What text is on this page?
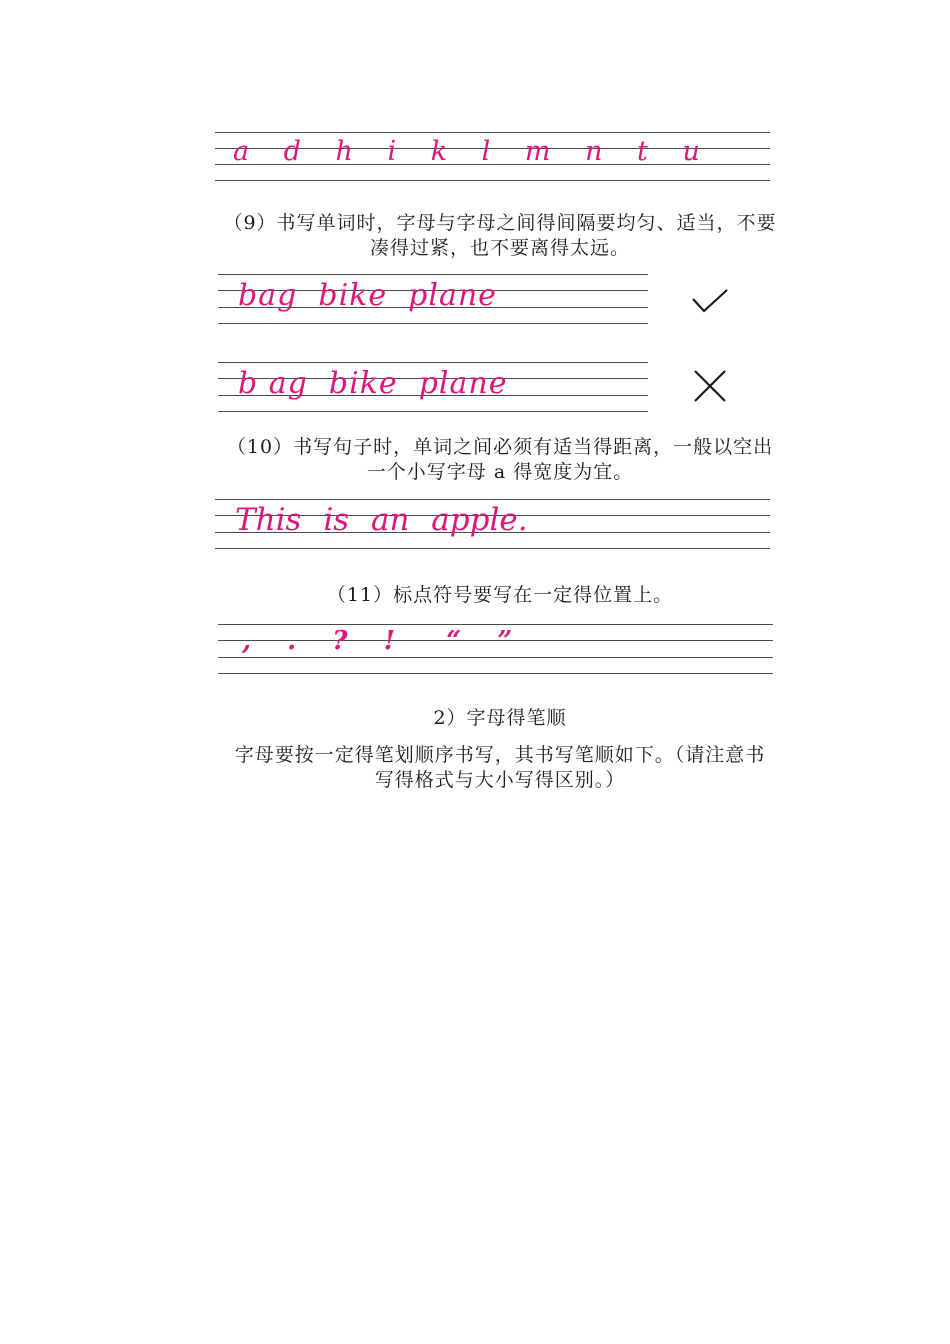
a d h i k l m n t u
（9）书写单词时，字母与字母之间得间隔要均匀、适当，不要
凑得过紧，也不要离得太远。
bag  bike  plane
b ag  bike  plane
（10）书写句子时，单词之间必须有适当得距离，一般以空出
一个小写字母 a 得宽度为宜。
This is an apple.
（11）标点符号要写在一定得位置上。
,  .  ?  !   “  ”
2）字母得笔顺
字母要按一定得笔划顺序书写，其书写笔顺如下。（请注意书
写得格式与大小写得区别。）
